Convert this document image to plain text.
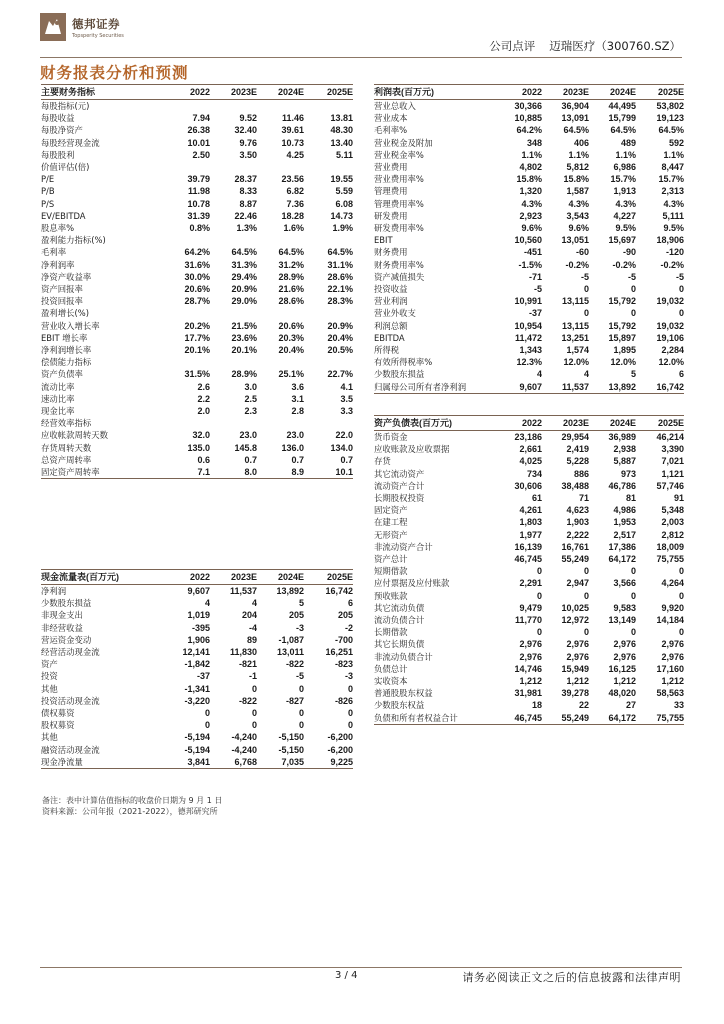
德邦证券
Topsperity Securities
公司点评 迈瑞医疗（300760.SZ）
财务报表分析和预测
主要财务指标	2022	2023E	2024E	2025E
每股指标(元)				
每股收益	7.94	9.52	11.46	13.81
每股净资产	26.38	32.40	39.61	48.30
每股经营现金流	10.01	9.76	10.73	13.40
每股股利	2.50	3.50	4.25	5.11
价值评估(倍)				
P/E	39.79	28.37	23.56	19.55
P/B	11.98	8.33	6.82	5.59
P/S	10.78	8.87	7.36	6.08
EV/EBITDA	31.39	22.46	18.28	14.73
股息率%	0.8%	1.3%	1.6%	1.9%
盈利能力指标(%)				
毛利率	64.2%	64.5%	64.5%	64.5%
净利润率	31.6%	31.3%	31.2%	31.1%
净资产收益率	30.0%	29.4%	28.9%	28.6%
资产回报率	20.6%	20.9%	21.6%	22.1%
投资回报率	28.7%	29.0%	28.6%	28.3%
盈利增长(%)				
营业收入增长率	20.2%	21.5%	20.6%	20.9%
EBIT 增长率	17.7%	23.6%	20.3%	20.4%
净利润增长率	20.1%	20.1%	20.4%	20.5%
偿债能力指标				
资产负债率	31.5%	28.9%	25.1%	22.7%
流动比率	2.6	3.0	3.6	4.1
速动比率	2.2	2.5	3.1	3.5
现金比率	2.0	2.3	2.8	3.3
经营效率指标				
应收帐款周转天数	32.0	23.0	23.0	22.0
存货周转天数	135.0	145.8	136.0	134.0
总资产周转率	0.6	0.7	0.7	0.7
固定资产周转率	7.1	8.0	8.9	10.1
现金流量表(百万元)	2022	2023E	2024E	2025E
净利润	9,607	11,537	13,892	16,742
少数股东损益	4	4	5	6
非现金支出	1,019	204	205	205
非经营收益	-395	-4	-3	-2
营运资金变动	1,906	89	-1,087	-700
经营活动现金流	12,141	11,830	13,011	16,251
资产	-1,842	-821	-822	-823
投资	-37	-1	-5	-3
其他	-1,341	0	0	0
投资活动现金流	-3,220	-822	-827	-826
债权募资	0	0	0	0
股权募资	0	0	0	0
其他	-5,194	-4,240	-5,150	-6,200
融资活动现金流	-5,194	-4,240	-5,150	-6,200
现金净流量	3,841	6,768	7,035	9,225
利润表(百万元)	2022	2023E	2024E	2025E
营业总收入	30,366	36,904	44,495	53,802
营业成本	10,885	13,091	15,799	19,123
毛利率%	64.2%	64.5%	64.5%	64.5%
营业税金及附加	348	406	489	592
营业税金率%	1.1%	1.1%	1.1%	1.1%
营业费用	4,802	5,812	6,986	8,447
营业费用率%	15.8%	15.8%	15.7%	15.7%
管理费用	1,320	1,587	1,913	2,313
管理费用率%	4.3%	4.3%	4.3%	4.3%
研发费用	2,923	3,543	4,227	5,111
研发费用率%	9.6%	9.6%	9.5%	9.5%
EBIT	10,560	13,051	15,697	18,906
财务费用	-451	-60	-90	-120
财务费用率%	-1.5%	-0.2%	-0.2%	-0.2%
资产减值损失	-71	-5	-5	-5
投资收益	-5	0	0	0
营业利润	10,991	13,115	15,792	19,032
营业外收支	-37	0	0	0
利润总额	10,954	13,115	15,792	19,032
EBITDA	11,472	13,251	15,897	19,106
所得税	1,343	1,574	1,895	2,284
有效所得税率%	12.3%	12.0%	12.0%	12.0%
少数股东损益	4	4	5	6
归属母公司所有者净利润	9,607	11,537	13,892	16,742
资产负债表(百万元)	2022	2023E	2024E	2025E
货币资金	23,186	29,954	36,989	46,214
应收账款及应收票据	2,661	2,419	2,938	3,390
存货	4,025	5,228	5,887	7,021
其它流动资产	734	886	973	1,121
流动资产合计	30,606	38,488	46,786	57,746
长期股权投资	61	71	81	91
固定资产	4,261	4,623	4,986	5,348
在建工程	1,803	1,903	1,953	2,003
无形资产	1,977	2,222	2,517	2,812
非流动资产合计	16,139	16,761	17,386	18,009
资产总计	46,745	55,249	64,172	75,755
短期借款	0	0	0	0
应付票据及应付账款	2,291	2,947	3,566	4,264
预收账款	0	0	0	0
其它流动负债	9,479	10,025	9,583	9,920
流动负债合计	11,770	12,972	13,149	14,184
长期借款	0	0	0	0
其它长期负债	2,976	2,976	2,976	2,976
非流动负债合计	2,976	2,976	2,976	2,976
负债总计	14,746	15,949	16,125	17,160
实收资本	1,212	1,212	1,212	1,212
普通股股东权益	31,981	39,278	48,020	58,563
少数股东权益	18	22	27	33
负债和所有者权益合计	46,745	55,249	64,172	75,755
备注：表中计算估值指标的收盘价日期为 9 月 1 日
资料来源：公司年报（2021-2022），德邦研究所
3 / 4	请务必阅读正文之后的信息披露和法律声明
